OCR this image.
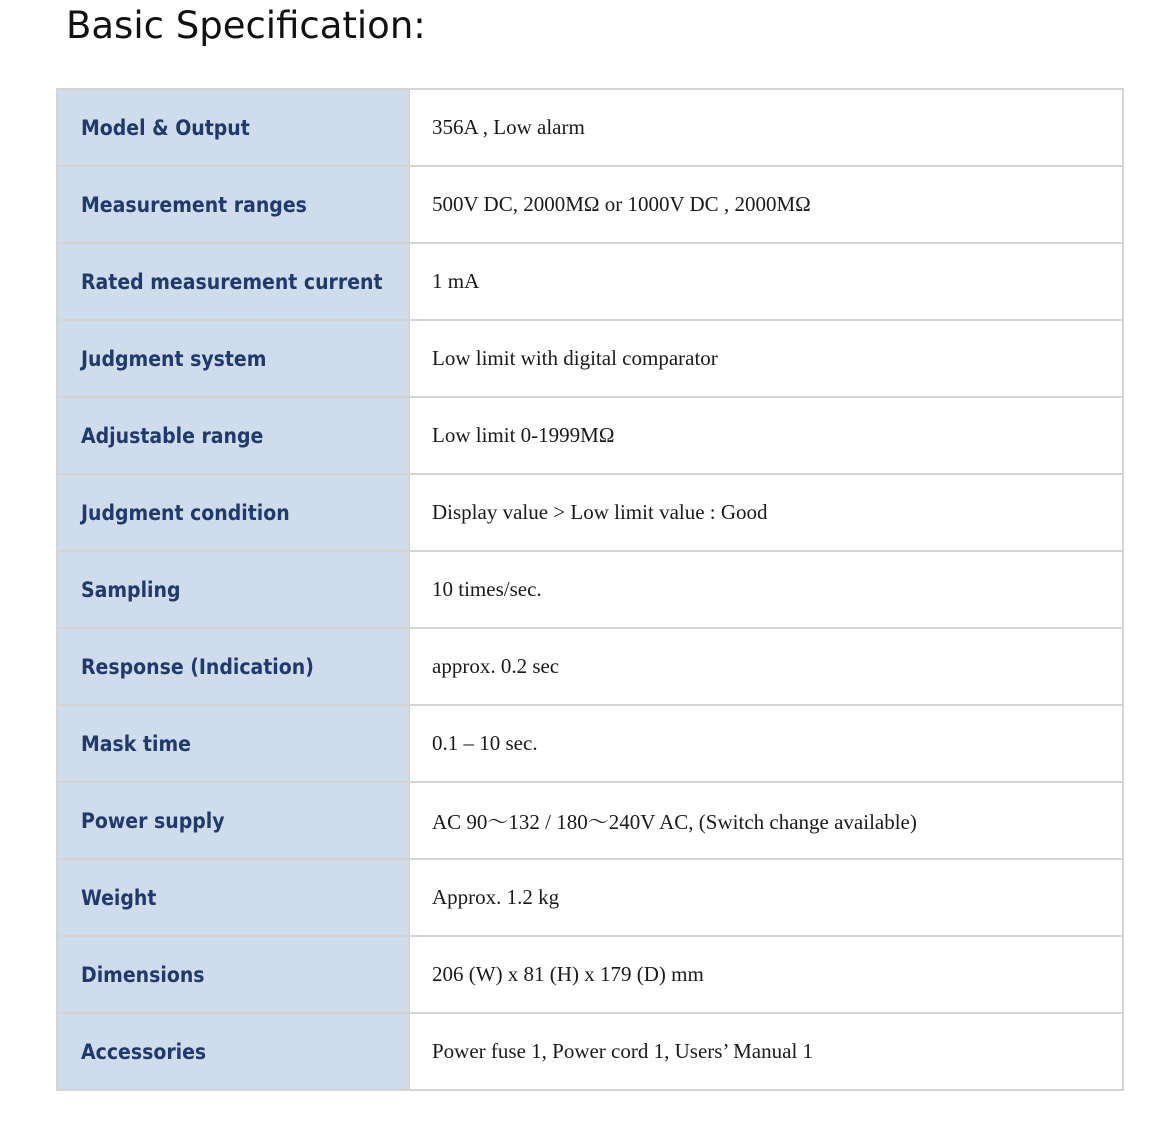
Basic Specification:
Model & Output	356A , Low alarm
Measurement ranges	500V DC, 2000MΩ or 1000V DC , 2000MΩ
Rated measurement current	1 mA
Judgment system	Low limit with digital comparator
Adjustable range	Low limit 0-1999MΩ
Judgment condition	Display value > Low limit value : Good
Sampling	10 times/sec.
Response (Indication)	approx. 0.2 sec
Mask time	0.1 – 10 sec.
Power supply	AC 90〜132 / 180〜240V AC, (Switch change available)
Weight	Approx. 1.2 kg
Dimensions	206 (W) x 81 (H) x 179 (D) mm
Accessories	Power fuse 1, Power cord 1, Users’ Manual 1
